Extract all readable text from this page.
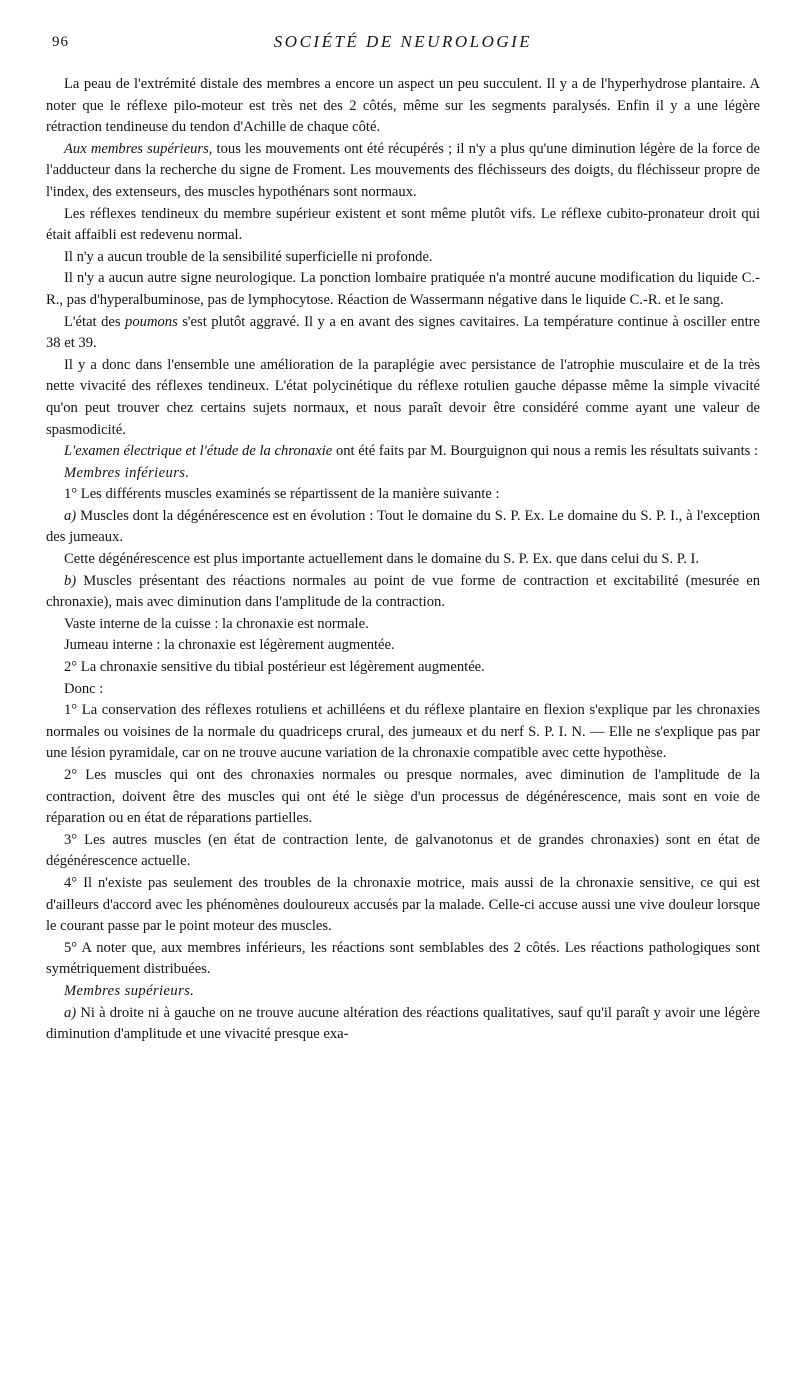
96	SOCIÉTÉ DE NEUROLOGIE

La peau de l'extrémité distale des membres a encore un aspect un peu succulent. Il y a de l'hyperhydrose plantaire. A noter que le réflexe pilo-moteur est très net des 2 côtés, même sur les segments paralysés. Enfin il y a une légère rétraction tendineuse du tendon d'Achille de chaque côté.

Aux membres supérieurs, tous les mouvements ont été récupérés ; il n'y a plus qu'une diminution légère de la force de l'adducteur dans la recherche du signe de Froment. Les mouvements des fléchisseurs des doigts, du fléchisseur propre de l'index, des extenseurs, des muscles hypothénars sont normaux.

Les réflexes tendineux du membre supérieur existent et sont même plutôt vifs. Le réflexe cubito-pronateur droit qui était affaibli est redevenu normal.

Il n'y a aucun trouble de la sensibilité superficielle ni profonde.

Il n'y a aucun autre signe neurologique. La ponction lombaire pratiquée n'a montré aucune modification du liquide C.-R., pas d'hyperalbuminose, pas de lymphocytose. Réaction de Wassermann négative dans le liquide C.-R. et le sang.

L'état des poumons s'est plutôt aggravé. Il y a en avant des signes cavitaires. La température continue à osciller entre 38 et 39.

Il y a donc dans l'ensemble une amélioration de la paraplégie avec persistance de l'atrophie musculaire et de la très nette vivacité des réflexes tendineux. L'état polycinétique du réflexe rotulien gauche dépasse même la simple vivacité qu'on peut trouver chez certains sujets normaux, et nous paraît devoir être considéré comme ayant une valeur de spasmodicité.

L'examen électrique et l'étude de la chronaxie ont été faits par M. Bourguignon qui nous a remis les résultats suivants :

Membres inférieurs.

1° Les différents muscles examinés se répartissent de la manière suivante :

a) Muscles dont la dégénérescence est en évolution : Tout le domaine du S. P. Ex. Le domaine du S. P. I., à l'exception des jumeaux.

Cette dégénérescence est plus importante actuellement dans le domaine du S. P. Ex. que dans celui du S. P. I.

b) Muscles présentant des réactions normales au point de vue forme de contraction et excitabilité (mesurée en chronaxie), mais avec diminution dans l'amplitude de la contraction.

Vaste interne de la cuisse : la chronaxie est normale.

Jumeau interne : la chronaxie est légèrement augmentée.

2° La chronaxie sensitive du tibial postérieur est légèrement augmentée.

Donc :

1° La conservation des réflexes rotuliens et achilléens et du réflexe plantaire en flexion s'explique par les chronaxies normales ou voisines de la normale du quadriceps crural, des jumeaux et du nerf S. P. I. N. — Elle ne s'explique pas par une lésion pyramidale, car on ne trouve aucune variation de la chronaxie compatible avec cette hypothèse.

2° Les muscles qui ont des chronaxies normales ou presque normales, avec diminution de l'amplitude de la contraction, doivent être des muscles qui ont été le siège d'un processus de dégénérescence, mais sont en voie de réparation ou en état de réparations partielles.

3° Les autres muscles (en état de contraction lente, de galvanotonus et de grandes chronaxies) sont en état de dégénérescence actuelle.

4° Il n'existe pas seulement des troubles de la chronaxie motrice, mais aussi de la chronaxie sensitive, ce qui est d'ailleurs d'accord avec les phénomènes douloureux accusés par la malade. Celle-ci accuse aussi une vive douleur lorsque le courant passe par le point moteur des muscles.

5° A noter que, aux membres inférieurs, les réactions sont semblables des 2 côtés. Les réactions pathologiques sont symétriquement distribuées.

Membres supérieurs.

a) Ni à droite ni à gauche on ne trouve aucune altération des réactions qualitatives, sauf qu'il paraît y avoir une légère diminution d'amplitude et une vivacité presque exa-
